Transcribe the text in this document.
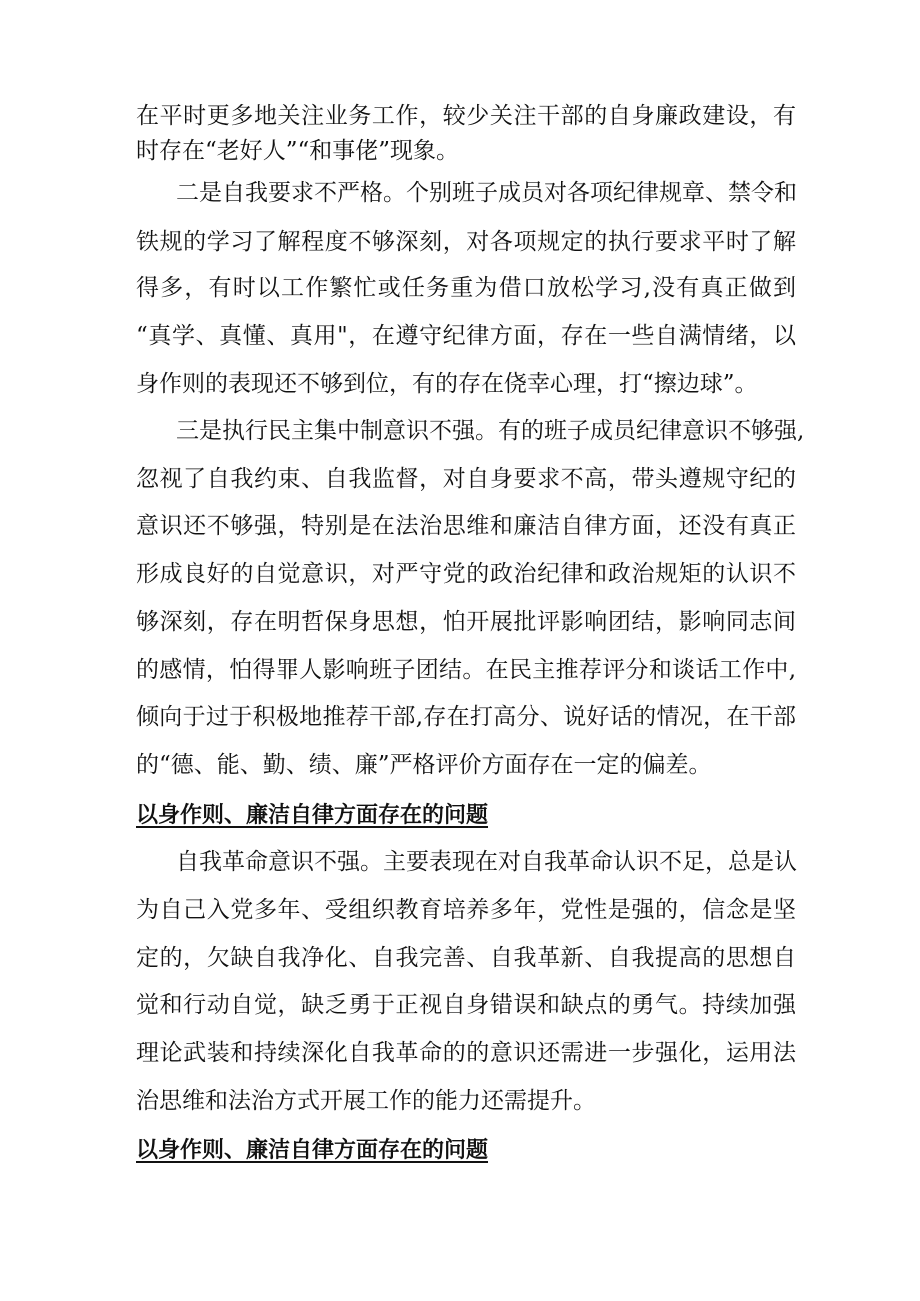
在平时更多地关注业务工作，较少关注干部的自身廉政建设，有
时存在“老好人”“和事佬”现象。
二是自我要求不严格。个别班子成员对各项纪律规章、禁令和
铁规的学习了解程度不够深刻，对各项规定的执行要求平时了解
得多，有时以工作繁忙或任务重为借口放松学习,没有真正做到
“真学、真懂、真用"，在遵守纪律方面，存在一些自满情绪，以
身作则的表现还不够到位，有的存在侥幸心理，打“擦边球”。
三是执行民主集中制意识不强。有的班子成员纪律意识不够强,
忽视了自我约束、自我监督，对自身要求不高，带头遵规守纪的
意识还不够强，特别是在法治思维和廉洁自律方面，还没有真正
形成良好的自觉意识，对严守党的政治纪律和政治规矩的认识不
够深刻，存在明哲保身思想，怕开展批评影响团结，影响同志间
的感情，怕得罪人影响班子团结。在民主推荐评分和谈话工作中,
倾向于过于积极地推荐干部,存在打高分、说好话的情况，在干部
的“德、能、勤、绩、廉”严格评价方面存在一定的偏差。
以身作则、廉洁自律方面存在的问题
自我革命意识不强。主要表现在对自我革命认识不足，总是认
为自己入党多年、受组织教育培养多年，党性是强的，信念是坚
定的，欠缺自我净化、自我完善、自我革新、自我提高的思想自
觉和行动自觉，缺乏勇于正视自身错误和缺点的勇气。持续加强
理论武装和持续深化自我革命的的意识还需进一步强化，运用法
治思维和法治方式开展工作的能力还需提升。
以身作则、廉洁自律方面存在的问题
